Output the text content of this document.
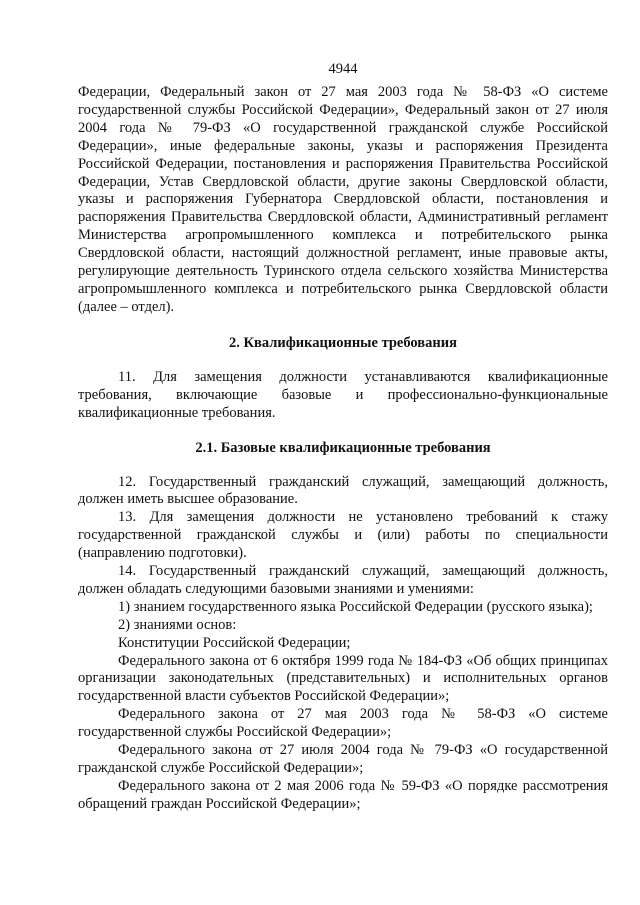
4944

Федерации, Федеральный закон от 27 мая 2003 года № 58-ФЗ «О системе государственной службы Российской Федерации», Федеральный закон от 27 июля 2004 года № 79-ФЗ «О государственной гражданской службе Российской Федерации», иные федеральные законы, указы и распоряжения Президента Российской Федерации, постановления и распоряжения Правительства Российской Федерации, Устав Свердловской области, другие законы Свердловской области, указы и распоряжения Губернатора Свердловской области, постановления и распоряжения Правительства Свердловской области, Административный регламент Министерства агропромышленного комплекса и потребительского рынка Свердловской области, настоящий должностной регламент, иные правовые акты, регулирующие деятельность Туринского отдела сельского хозяйства Министерства агропромышленного комплекса и потребительского рынка Свердловской области (далее – отдел).

2. Квалификационные требования

11. Для замещения должности устанавливаются квалификационные требования, включающие базовые и профессионально-функциональные квалификационные требования.

2.1. Базовые квалификационные требования

12. Государственный гражданский служащий, замещающий должность, должен иметь высшее образование.

13. Для замещения должности не установлено требований к стажу государственной гражданской службы и (или) работы по специальности (направлению подготовки).

14. Государственный гражданский служащий, замещающий должность, должен обладать следующими базовыми знаниями и умениями:

1) знанием государственного языка Российской Федерации (русского языка);

2) знаниями основ:

Конституции Российской Федерации;

Федерального закона от 6 октября 1999 года № 184-ФЗ «Об общих принципах организации законодательных (представительных) и исполнительных органов государственной власти субъектов Российской Федерации»;

Федерального закона от 27 мая 2003 года № 58-ФЗ «О системе государственной службы Российской Федерации»;

Федерального закона от 27 июля 2004 года № 79-ФЗ «О государственной гражданской службе Российской Федерации»;

Федерального закона от 2 мая 2006 года № 59-ФЗ «О порядке рассмотрения обращений граждан Российской Федерации»;
